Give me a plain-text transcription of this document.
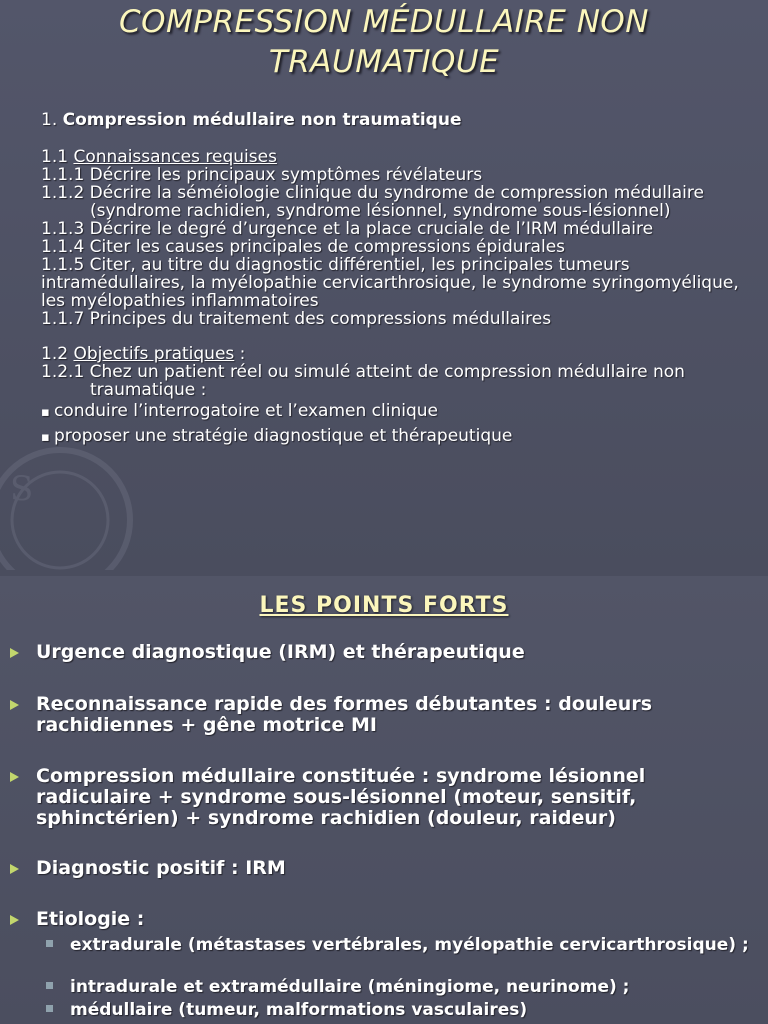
S
COMPRESSION MÉDULLAIRE NON
TRAUMATIQUE
1. Compression médullaire non traumatique
1.1 Connaissances requises
1.1.1 Décrire les principaux symptômes révélateurs
1.1.2 Décrire la séméiologie clinique du syndrome de compression médullaire
(syndrome rachidien, syndrome lésionnel, syndrome sous-lésionnel)
1.1.3 Décrire le degré d’urgence et la place cruciale de l’IRM médullaire
1.1.4 Citer les causes principales de compressions épidurales
1.1.5 Citer, au titre du diagnostic différentiel, les principales tumeurs intramédullaires, la myélopathie cervicarthrosique, le syndrome syringomyélique, les myélopathies inflammatoires
1.1.7 Principes du traitement des compressions médullaires
1.2 Objectifs pratiques :
1.2.1 Chez un patient réel ou simulé atteint de compression médullaire non
traumatique :
▪ conduire l’interrogatoire et l’examen clinique
▪ proposer une stratégie diagnostique et thérapeutique
LES POINTS FORTS
Urgence diagnostique (IRM) et thérapeutique
Reconnaissance rapide des formes débutantes : douleurs rachidiennes + gêne motrice MI
Compression médullaire constituée : syndrome lésionnel radiculaire + syndrome sous-lésionnel (moteur, sensitif, sphinctérien) + syndrome rachidien (douleur, raideur)
Diagnostic positif : IRM
Etiologie :
extradurale (métastases vertébrales, myélopathie cervicarthrosique) ;
intradurale et extramédullaire (méningiome, neurinome) ;
médullaire (tumeur, malformations vasculaires)
